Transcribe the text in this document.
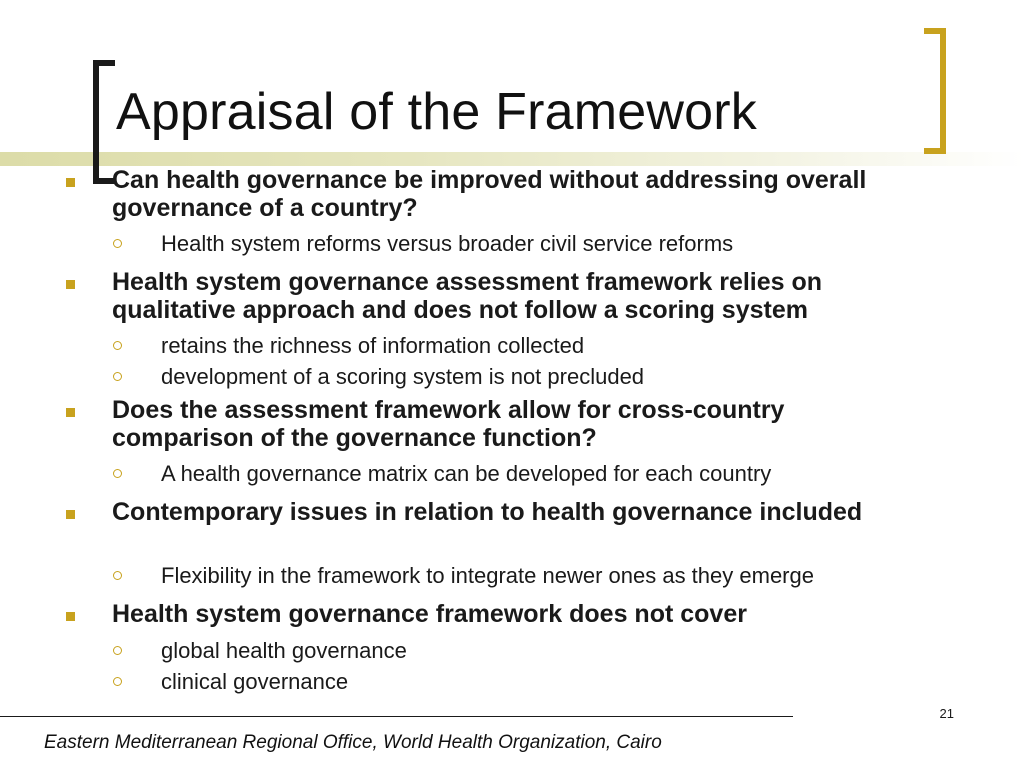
Appraisal of the Framework
Can health governance be improved without addressing overall governance of a country?
Health system reforms versus broader civil service reforms
Health system governance assessment framework relies on qualitative approach and does not follow a scoring system
retains the richness of information collected
development of a scoring system is not precluded
Does the assessment framework allow for cross-country comparison of the governance function?
A health governance matrix can be developed for each country
Contemporary issues in relation to health governance included
Flexibility in the framework to integrate newer ones as they emerge
Health system governance framework does not cover
global health governance
clinical governance
21
Eastern Mediterranean Regional Office, World Health Organization, Cairo
